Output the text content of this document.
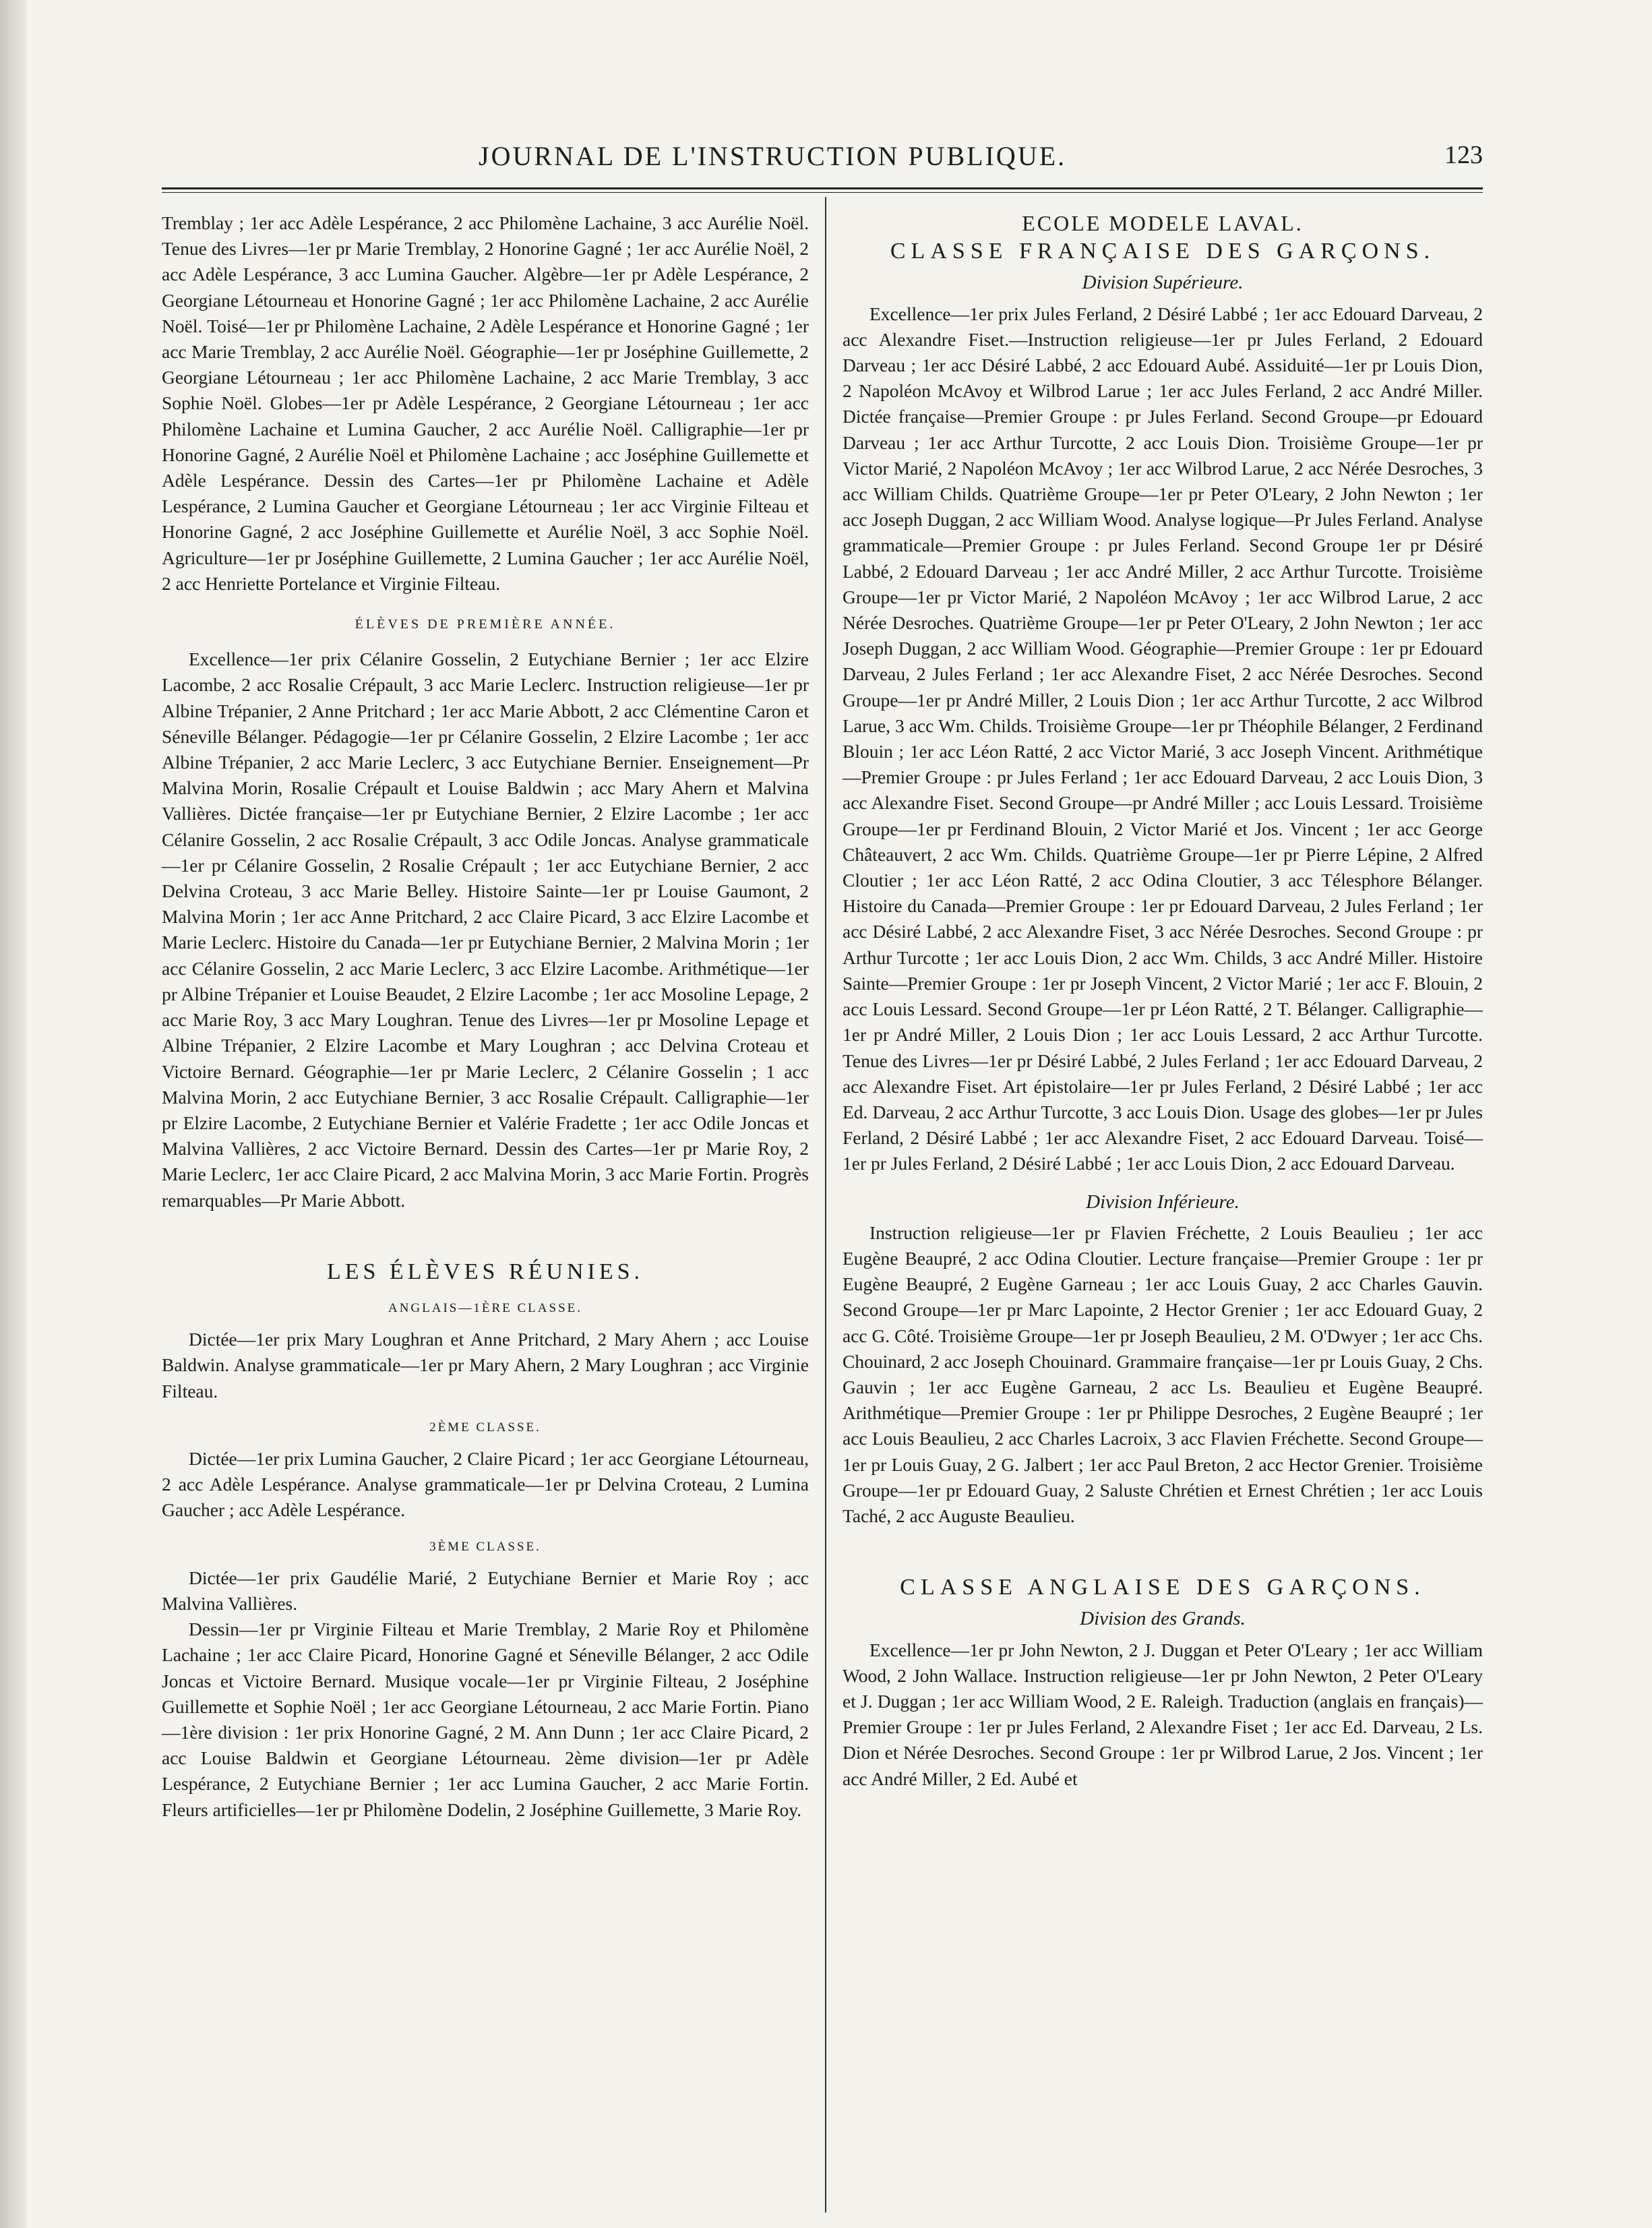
JOURNAL DE L'INSTRUCTION PUBLIQUE.	123

Tremblay ; 1er acc Adèle Lespérance, 2 acc Philomène Lachaine, 3 acc Aurélie Noël. Tenue des Livres—1er pr Marie Tremblay, 2 Honorine Gagné ; 1er acc Aurélie Noël, 2 acc Adèle Lespérance, 3 acc Lumina Gaucher. Algèbre—1er pr Adèle Lespérance, 2 Georgiane Létourneau et Honorine Gagné ; 1er acc Philomène Lachaine, 2 acc Aurélie Noël. Toisé—1er pr Philomène Lachaine, 2 Adèle Lespérance et Honorine Gagné ; 1er acc Marie Tremblay, 2 acc Aurélie Noël. Géographie—1er pr Joséphine Guillemette, 2 Georgiane Létourneau ; 1er acc Philomène Lachaine, 2 acc Marie Tremblay, 3 acc Sophie Noël. Globes—1er pr Adèle Lespérance, 2 Georgiane Létourneau ; 1er acc Philomène Lachaine et Lumina Gaucher, 2 acc Aurélie Noël. Calligraphie—1er pr Honorine Gagné, 2 Aurélie Noël et Philomène Lachaine ; acc Joséphine Guillemette et Adèle Lespérance. Dessin des Cartes—1er pr Philomène Lachaine et Adèle Lespérance, 2 Lumina Gaucher et Georgiane Létourneau ; 1er acc Virginie Filteau et Honorine Gagné, 2 acc Joséphine Guillemette et Aurélie Noël, 3 acc Sophie Noël. Agriculture—1er pr Joséphine Guillemette, 2 Lumina Gaucher ; 1er acc Aurélie Noël, 2 acc Henriette Portelance et Virginie Filteau.

ÉLÈVES DE PREMIÈRE ANNÉE.

Excellence—1er prix Célanire Gosselin, 2 Eutychiane Bernier ; 1er acc Elzire Lacombe, 2 acc Rosalie Crépault, 3 acc Marie Leclerc. Instruction religieuse—1er pr Albine Trépanier, 2 Anne Pritchard ; 1er acc Marie Abbott, 2 acc Clémentine Caron et Séneville Bélanger. Pédagogie—1er pr Célanire Gosselin, 2 Elzire Lacombe ; 1er acc Albine Trépanier, 2 acc Marie Leclerc, 3 acc Eutychiane Bernier. Enseignement—Pr Malvina Morin, Rosalie Crépault et Louise Baldwin ; acc Mary Ahern et Malvina Vallières. Dictée française—1er pr Eutychiane Bernier, 2 Elzire Lacombe ; 1er acc Célanire Gosselin, 2 acc Rosalie Crépault, 3 acc Odile Joncas. Analyse grammaticale—1er pr Célanire Gosselin, 2 Rosalie Crépault ; 1er acc Eutychiane Bernier, 2 acc Delvina Croteau, 3 acc Marie Belley. Histoire Sainte—1er pr Louise Gaumont, 2 Malvina Morin ; 1er acc Anne Pritchard, 2 acc Claire Picard, 3 acc Elzire Lacombe et Marie Leclerc. Histoire du Canada—1er pr Eutychiane Bernier, 2 Malvina Morin ; 1er acc Célanire Gosselin, 2 acc Marie Leclerc, 3 acc Elzire Lacombe. Arithmétique—1er pr Albine Trépanier et Louise Beaudet, 2 Elzire Lacombe ; 1er acc Mosoline Lepage, 2 acc Marie Roy, 3 acc Mary Loughran. Tenue des Livres—1er pr Mosoline Lepage et Albine Trépanier, 2 Elzire Lacombe et Mary Loughran ; acc Delvina Croteau et Victoire Bernard. Géographie—1er pr Marie Leclerc, 2 Célanire Gosselin ; 1 acc Malvina Morin, 2 acc Eutychiane Bernier, 3 acc Rosalie Crépault. Calligraphie—1er pr Elzire Lacombe, 2 Eutychiane Bernier et Valérie Fradette ; 1er acc Odile Joncas et Malvina Vallières, 2 acc Victoire Bernard. Dessin des Cartes—1er pr Marie Roy, 2 Marie Leclerc, 1er acc Claire Picard, 2 acc Malvina Morin, 3 acc Marie Fortin. Progrès remarquables—Pr Marie Abbott.

LES ÉLÈVES RÉUNIES.
ANGLAIS—1ÈRE CLASSE.

Dictée—1er prix Mary Loughran et Anne Pritchard, 2 Mary Ahern ; acc Louise Baldwin. Analyse grammaticale—1er pr Mary Ahern, 2 Mary Loughran ; acc Virginie Filteau.

2ÈME CLASSE.

Dictée—1er prix Lumina Gaucher, 2 Claire Picard ; 1er acc Georgiane Létourneau, 2 acc Adèle Lespérance. Analyse grammaticale—1er pr Delvina Croteau, 2 Lumina Gaucher ; acc Adèle Lespérance.

3ÈME CLASSE.

Dictée—1er prix Gaudélie Marié, 2 Eutychiane Bernier et Marie Roy ; acc Malvina Vallières.

Dessin—1er pr Virginie Filteau et Marie Tremblay, 2 Marie Roy et Philomène Lachaine ; 1er acc Claire Picard, Honorine Gagné et Séneville Bélanger, 2 acc Odile Joncas et Victoire Bernard. Musique vocale—1er pr Virginie Filteau, 2 Joséphine Guillemette et Sophie Noël ; 1er acc Georgiane Létourneau, 2 acc Marie Fortin. Piano—1ère division : 1er prix Honorine Gagné, 2 M. Ann Dunn ; 1er acc Claire Picard, 2 acc Louise Baldwin et Georgiane Létourneau. 2ème division—1er pr Adèle Lespérance, 2 Eutychiane Bernier ; 1er acc Lumina Gaucher, 2 acc Marie Fortin. Fleurs artificielles—1er pr Philomène Dodelin, 2 Joséphine Guillemette, 3 Marie Roy.

ECOLE MODELE LAVAL.
CLASSE FRANÇAISE DES GARÇONS.
Division Supérieure.

Excellence—1er prix Jules Ferland, 2 Désiré Labbé ; 1er acc Edouard Darveau, 2 acc Alexandre Fiset.—Instruction religieuse—1er pr Jules Ferland, 2 Edouard Darveau ; 1er acc Désiré Labbé, 2 acc Edouard Aubé. Assiduité—1er pr Louis Dion, 2 Napoléon McAvoy et Wilbrod Larue ; 1er acc Jules Ferland, 2 acc André Miller. Dictée française—Premier Groupe : pr Jules Ferland. Second Groupe—pr Edouard Darveau ; 1er acc Arthur Turcotte, 2 acc Louis Dion. Troisième Groupe—1er pr Victor Marié, 2 Napoléon McAvoy ; 1er acc Wilbrod Larue, 2 acc Nérée Desroches, 3 acc William Childs. Quatrième Groupe—1er pr Peter O'Leary, 2 John Newton ; 1er acc Joseph Duggan, 2 acc William Wood. Analyse logique—Pr Jules Ferland. Analyse grammaticale—Premier Groupe : pr Jules Ferland. Second Groupe 1er pr Désiré Labbé, 2 Edouard Darveau ; 1er acc André Miller, 2 acc Arthur Turcotte. Troisième Groupe—1er pr Victor Marié, 2 Napoléon McAvoy ; 1er acc Wilbrod Larue, 2 acc Nérée Desroches. Quatrième Groupe—1er pr Peter O'Leary, 2 John Newton ; 1er acc Joseph Duggan, 2 acc William Wood. Géographie—Premier Groupe : 1er pr Edouard Darveau, 2 Jules Ferland ; 1er acc Alexandre Fiset, 2 acc Nérée Desroches. Second Groupe—1er pr André Miller, 2 Louis Dion ; 1er acc Arthur Turcotte, 2 acc Wilbrod Larue, 3 acc Wm. Childs. Troisième Groupe—1er pr Théophile Bélanger, 2 Ferdinand Blouin ; 1er acc Léon Ratté, 2 acc Victor Marié, 3 acc Joseph Vincent. Arithmétique—Premier Groupe : pr Jules Ferland ; 1er acc Edouard Darveau, 2 acc Louis Dion, 3 acc Alexandre Fiset. Second Groupe—pr André Miller ; acc Louis Lessard. Troisième Groupe—1er pr Ferdinand Blouin, 2 Victor Marié et Jos. Vincent ; 1er acc George Châteauvert, 2 acc Wm. Childs. Quatrième Groupe—1er pr Pierre Lépine, 2 Alfred Cloutier ; 1er acc Léon Ratté, 2 acc Odina Cloutier, 3 acc Télesphore Bélanger. Histoire du Canada—Premier Groupe : 1er pr Edouard Darveau, 2 Jules Ferland ; 1er acc Désiré Labbé, 2 acc Alexandre Fiset, 3 acc Nérée Desroches. Second Groupe : pr Arthur Turcotte ; 1er acc Louis Dion, 2 acc Wm. Childs, 3 acc André Miller. Histoire Sainte—Premier Groupe : 1er pr Joseph Vincent, 2 Victor Marié ; 1er acc F. Blouin, 2 acc Louis Lessard. Second Groupe—1er pr Léon Ratté, 2 T. Bélanger. Calligraphie—1er pr André Miller, 2 Louis Dion ; 1er acc Louis Lessard, 2 acc Arthur Turcotte. Tenue des Livres—1er pr Désiré Labbé, 2 Jules Ferland ; 1er acc Edouard Darveau, 2 acc Alexandre Fiset. Art épistolaire—1er pr Jules Ferland, 2 Désiré Labbé ; 1er acc Ed. Darveau, 2 acc Arthur Turcotte, 3 acc Louis Dion. Usage des globes—1er pr Jules Ferland, 2 Désiré Labbé ; 1er acc Alexandre Fiset, 2 acc Edouard Darveau. Toisé—1er pr Jules Ferland, 2 Désiré Labbé ; 1er acc Louis Dion, 2 acc Edouard Darveau.

Division Inférieure.

Instruction religieuse—1er pr Flavien Fréchette, 2 Louis Beaulieu ; 1er acc Eugène Beaupré, 2 acc Odina Cloutier. Lecture française—Premier Groupe : 1er pr Eugène Beaupré, 2 Eugène Garneau ; 1er acc Louis Guay, 2 acc Charles Gauvin. Second Groupe—1er pr Marc Lapointe, 2 Hector Grenier ; 1er acc Edouard Guay, 2 acc G. Côté. Troisième Groupe—1er pr Joseph Beaulieu, 2 M. O'Dwyer ; 1er acc Chs. Chouinard, 2 acc Joseph Chouinard. Grammaire française—1er pr Louis Guay, 2 Chs. Gauvin ; 1er acc Eugène Garneau, 2 acc Ls. Beaulieu et Eugène Beaupré. Arithmétique—Premier Groupe : 1er pr Philippe Desroches, 2 Eugène Beaupré ; 1er acc Louis Beaulieu, 2 acc Charles Lacroix, 3 acc Flavien Fréchette. Second Groupe—1er pr Louis Guay, 2 G. Jalbert ; 1er acc Paul Breton, 2 acc Hector Grenier. Troisième Groupe—1er pr Edouard Guay, 2 Saluste Chrétien et Ernest Chrétien ; 1er acc Louis Taché, 2 acc Auguste Beaulieu.

CLASSE ANGLAISE DES GARÇONS.
Division des Grands.

Excellence—1er pr John Newton, 2 J. Duggan et Peter O'Leary ; 1er acc William Wood, 2 John Wallace. Instruction religieuse—1er pr John Newton, 2 Peter O'Leary et J. Duggan ; 1er acc William Wood, 2 E. Raleigh. Traduction (anglais en français)—Premier Groupe : 1er pr Jules Ferland, 2 Alexandre Fiset ; 1er acc Ed. Darveau, 2 Ls. Dion et Nérée Desroches. Second Groupe : 1er pr Wilbrod Larue, 2 Jos. Vincent ; 1er acc André Miller, 2 Ed. Aubé et
